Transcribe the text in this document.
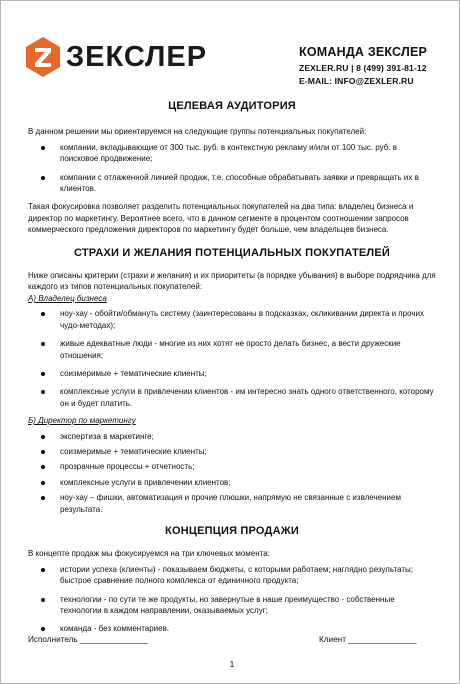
ЗЕКСЛЕР	КОМАНДА ЗЕКСЛЕР
ZEXLER.RU | 8 (499) 391-81-12
E-MAIL: INFO@ZEXLER.RU
ЦЕЛЕВАЯ АУДИТОРИЯ

В данном решении мы ориентируемся на следующие группы потенциальных покупателей:

компании, вкладывающие от 300 тыс. руб. в контекстную рекламу и/или от 100 тыс. руб. в поисковое продвижение;
компании с отлаженной линией продаж, т.е. способные обрабатывать заявки и превращать их в клиентов.

Такая фокусировка позволяет разделить потенциальных покупателей на два типа: владелец бизнеса и директор по маркетингу. Вероятнее всего, что в данном сегменте в процентом соотношении запросов коммерческого предложения директоров по маркетингу будет больше, чем владельцев бизнеса.

СТРАХИ И ЖЕЛАНИЯ ПОТЕНЦИАЛЬНЫХ ПОКУПАТЕЛЕЙ

Ниже описаны критерии (страхи и желания) и их приоритеты (в порядке убывания) в выборе подрядчика для каждого из типов потенциальных покупателей:

А) Владелец бизнеса

ноу-хау - обойти/обмануть систему (заинтересованы в подсказках, скликивании директа и прочих чудо-методах);
живые адекватные люди - многие из них хотят не просто делать бизнес, а вести дружеские отношения;
соизмеримые + тематические клиенты;
комплексные услуги в привлечении клиентов - им интересно знать одного ответственного, которому он и будет платить.

Б) Директор по маркетингу

экспертиза в маркетинге;
соизмеримые + тематические клиенты;
прозрачные процессы + отчетность;
комплексные услуги в привлечении клиентов;
ноу-хау – фишки, автоматизация и прочие плюшки, напрямую не связанные с извлечением результата.
КОНЦЕПЦИЯ ПРОДАЖИ

В концепте продаж мы фокусируемся на три ключевых момента:

истории успеха (клиенты) - показываем бюджеты, с которыми работаем; наглядно результаты; быстрое сравнение полного комплекса от единичного продукта;
технологии - по сути те же продукты, но завернутые в наше преимущество - собственные технологии в каждом направлении, оказываемых услуг;
команда - без комментариев.
Исполнитель _______________	Клиент _______________
1
